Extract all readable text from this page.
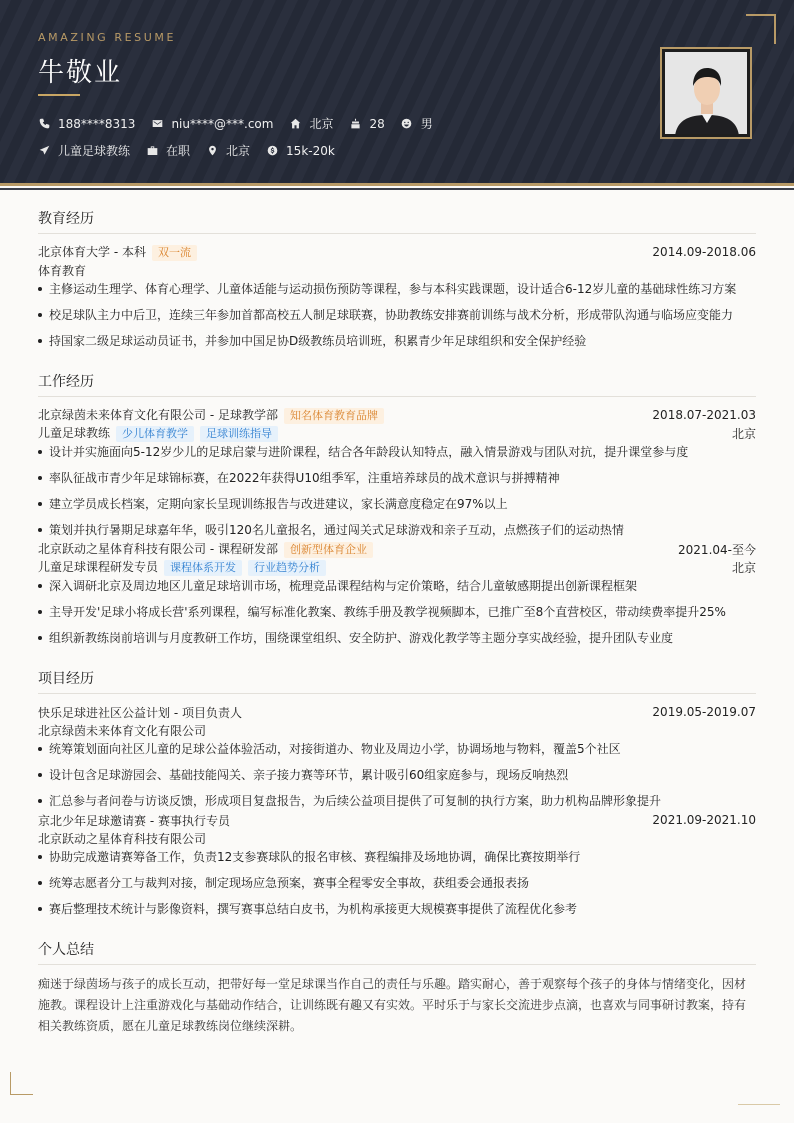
AMAZING RESUME
牛敬业
188****8313	niu****@***.com	北京	28	男
儿童足球教练	在职	北京	15k-20k
教育经历
北京体育大学 - 本科 双一流	2014.09-2018.06
体育教育
主修运动生理学、体育心理学、儿童体适能与运动损伤预防等课程，参与本科实践课题，设计适合6-12岁儿童的基础球性练习方案
校足球队主力中后卫，连续三年参加首都高校五人制足球联赛，协助教练安排赛前训练与战术分析，形成带队沟通与临场应变能力
持国家二级足球运动员证书，并参加中国足协D级教练员培训班，积累青少年足球组织和安全保护经验
工作经历
北京绿茵未来体育文化有限公司 - 足球教学部 知名体育教育品牌	2018.07-2021.03
儿童足球教练 少儿体育教学 足球训练指导	北京
设计并实施面向5-12岁少儿的足球启蒙与进阶课程，结合各年龄段认知特点，融入情景游戏与团队对抗，提升课堂参与度
率队征战市青少年足球锦标赛，在2022年获得U10组季军，注重培养球员的战术意识与拼搏精神
建立学员成长档案，定期向家长呈现训练报告与改进建议，家长满意度稳定在97%以上
策划并执行暑期足球嘉年华，吸引120名儿童报名，通过闯关式足球游戏和亲子互动，点燃孩子们的运动热情
北京跃动之星体育科技有限公司 - 课程研发部 创新型体育企业	2021.04-至今
儿童足球课程研发专员 课程体系开发 行业趋势分析	北京
深入调研北京及周边地区儿童足球培训市场，梳理竞品课程结构与定价策略，结合儿童敏感期提出创新课程框架
主导开发'足球小将成长营'系列课程，编写标准化教案、教练手册及教学视频脚本，已推广至8个直营校区，带动续费率提升25%
组织新教练岗前培训与月度教研工作坊，围绕课堂组织、安全防护、游戏化教学等主题分享实战经验，提升团队专业度
项目经历
快乐足球进社区公益计划 - 项目负责人	2019.05-2019.07
北京绿茵未来体育文化有限公司
统筹策划面向社区儿童的足球公益体验活动，对接街道办、物业及周边小学，协调场地与物料，覆盖5个社区
设计包含足球游园会、基础技能闯关、亲子接力赛等环节，累计吸引60组家庭参与，现场反响热烈
汇总参与者问卷与访谈反馈，形成项目复盘报告，为后续公益项目提供了可复制的执行方案，助力机构品牌形象提升
京北少年足球邀请赛 - 赛事执行专员	2021.09-2021.10
北京跃动之星体育科技有限公司
协助完成邀请赛筹备工作，负责12支参赛球队的报名审核、赛程编排及场地协调，确保比赛按期举行
统筹志愿者分工与裁判对接，制定现场应急预案，赛事全程零安全事故，获组委会通报表扬
赛后整理技术统计与影像资料，撰写赛事总结白皮书，为机构承接更大规模赛事提供了流程优化参考
个人总结
痴迷于绿茵场与孩子的成长互动，把带好每一堂足球课当作自己的责任与乐趣。踏实耐心，善于观察每个孩子的身体与情绪变化，因材施教。课程设计上注重游戏化与基础动作结合，让训练既有趣又有实效。平时乐于与家长交流进步点滴，也喜欢与同事研讨教案，持有相关教练资质，愿在儿童足球教练岗位继续深耕。
